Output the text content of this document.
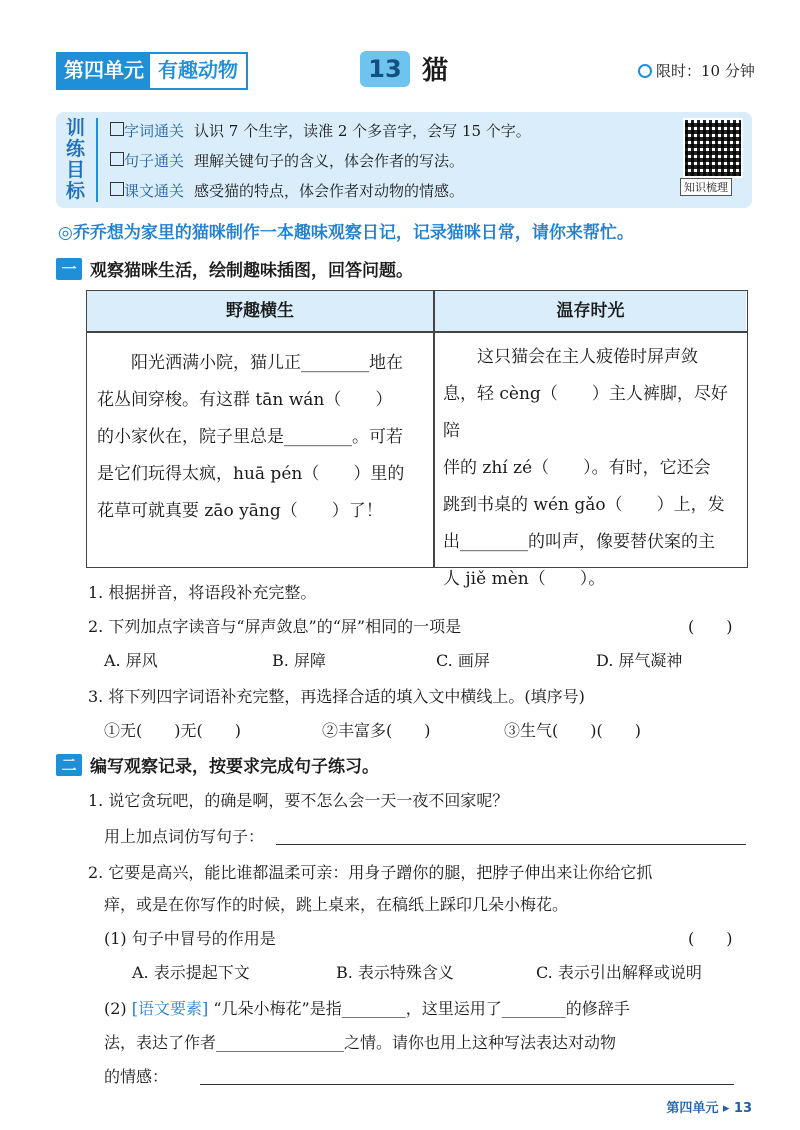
第四单元 有趣动物	13 猫	限时：10 分钟
训练目标
字词通关 认识 7 个生字，读准 2 个多音字，会写 15 个字。
句子通关 理解关键句子的含义，体会作者的写法。
课文通关 感受猫的特点，体会作者对动物的情感。	知识梳理
◎乔乔想为家里的猫咪制作一本趣味观察日记，记录猫咪日常，请你来帮忙。
一 观察猫咪生活，绘制趣味插图，回答问题。
野趣横生	温存时光
阳光洒满小院，猫儿正________地在
花丛间穿梭。有这群 tān wán（　　）
的小家伙在，院子里总是________。可若
是它们玩得太疯，huā pén（　　）里的
花草可就真要 zāo yāng（　　）了！
这只猫会在主人疲倦时屏声敛
息，轻 cèng（　　）主人裤脚，尽好陪
伴的 zhí zé（　　）。有时，它还会
跳到书桌的 wén gǎo（　　）上，发
出________的叫声，像要替伏案的主
人 jiě mèn（　　）。
1. 根据拼音，将语段补充完整。
2. 下列加点字读音与“屏声敛息”的“屏”相同的一项是	(　　)
A. 屏风	B. 屏障	C. 画屏	D. 屏气凝神
3. 将下列四字词语补充完整，再选择合适的填入文中横线上。(填序号)
①无(　　)无(　　)	②丰富多(　　)	③生气(　　)(　　)
二 编写观察记录，按要求完成句子练习。
1. 说它贪玩吧，的确是啊，要不怎么会一天一夜不回家呢？
用上加点词仿写句子：
2. 它要是高兴，能比谁都温柔可亲：用身子蹭你的腿，把脖子伸出来让你给它抓
痒，或是在你写作的时候，跳上桌来，在稿纸上踩印几朵小梅花。
(1) 句子中冒号的作用是	(　　)
A. 表示提起下文	B. 表示特殊含义	C. 表示引出解释或说明
(2) [语文要素] “几朵小梅花”是指________，这里运用了________的修辞手
法，表达了作者________________之情。请你也用上这种写法表达对动物
的情感：
第四单元 ▸ 13
